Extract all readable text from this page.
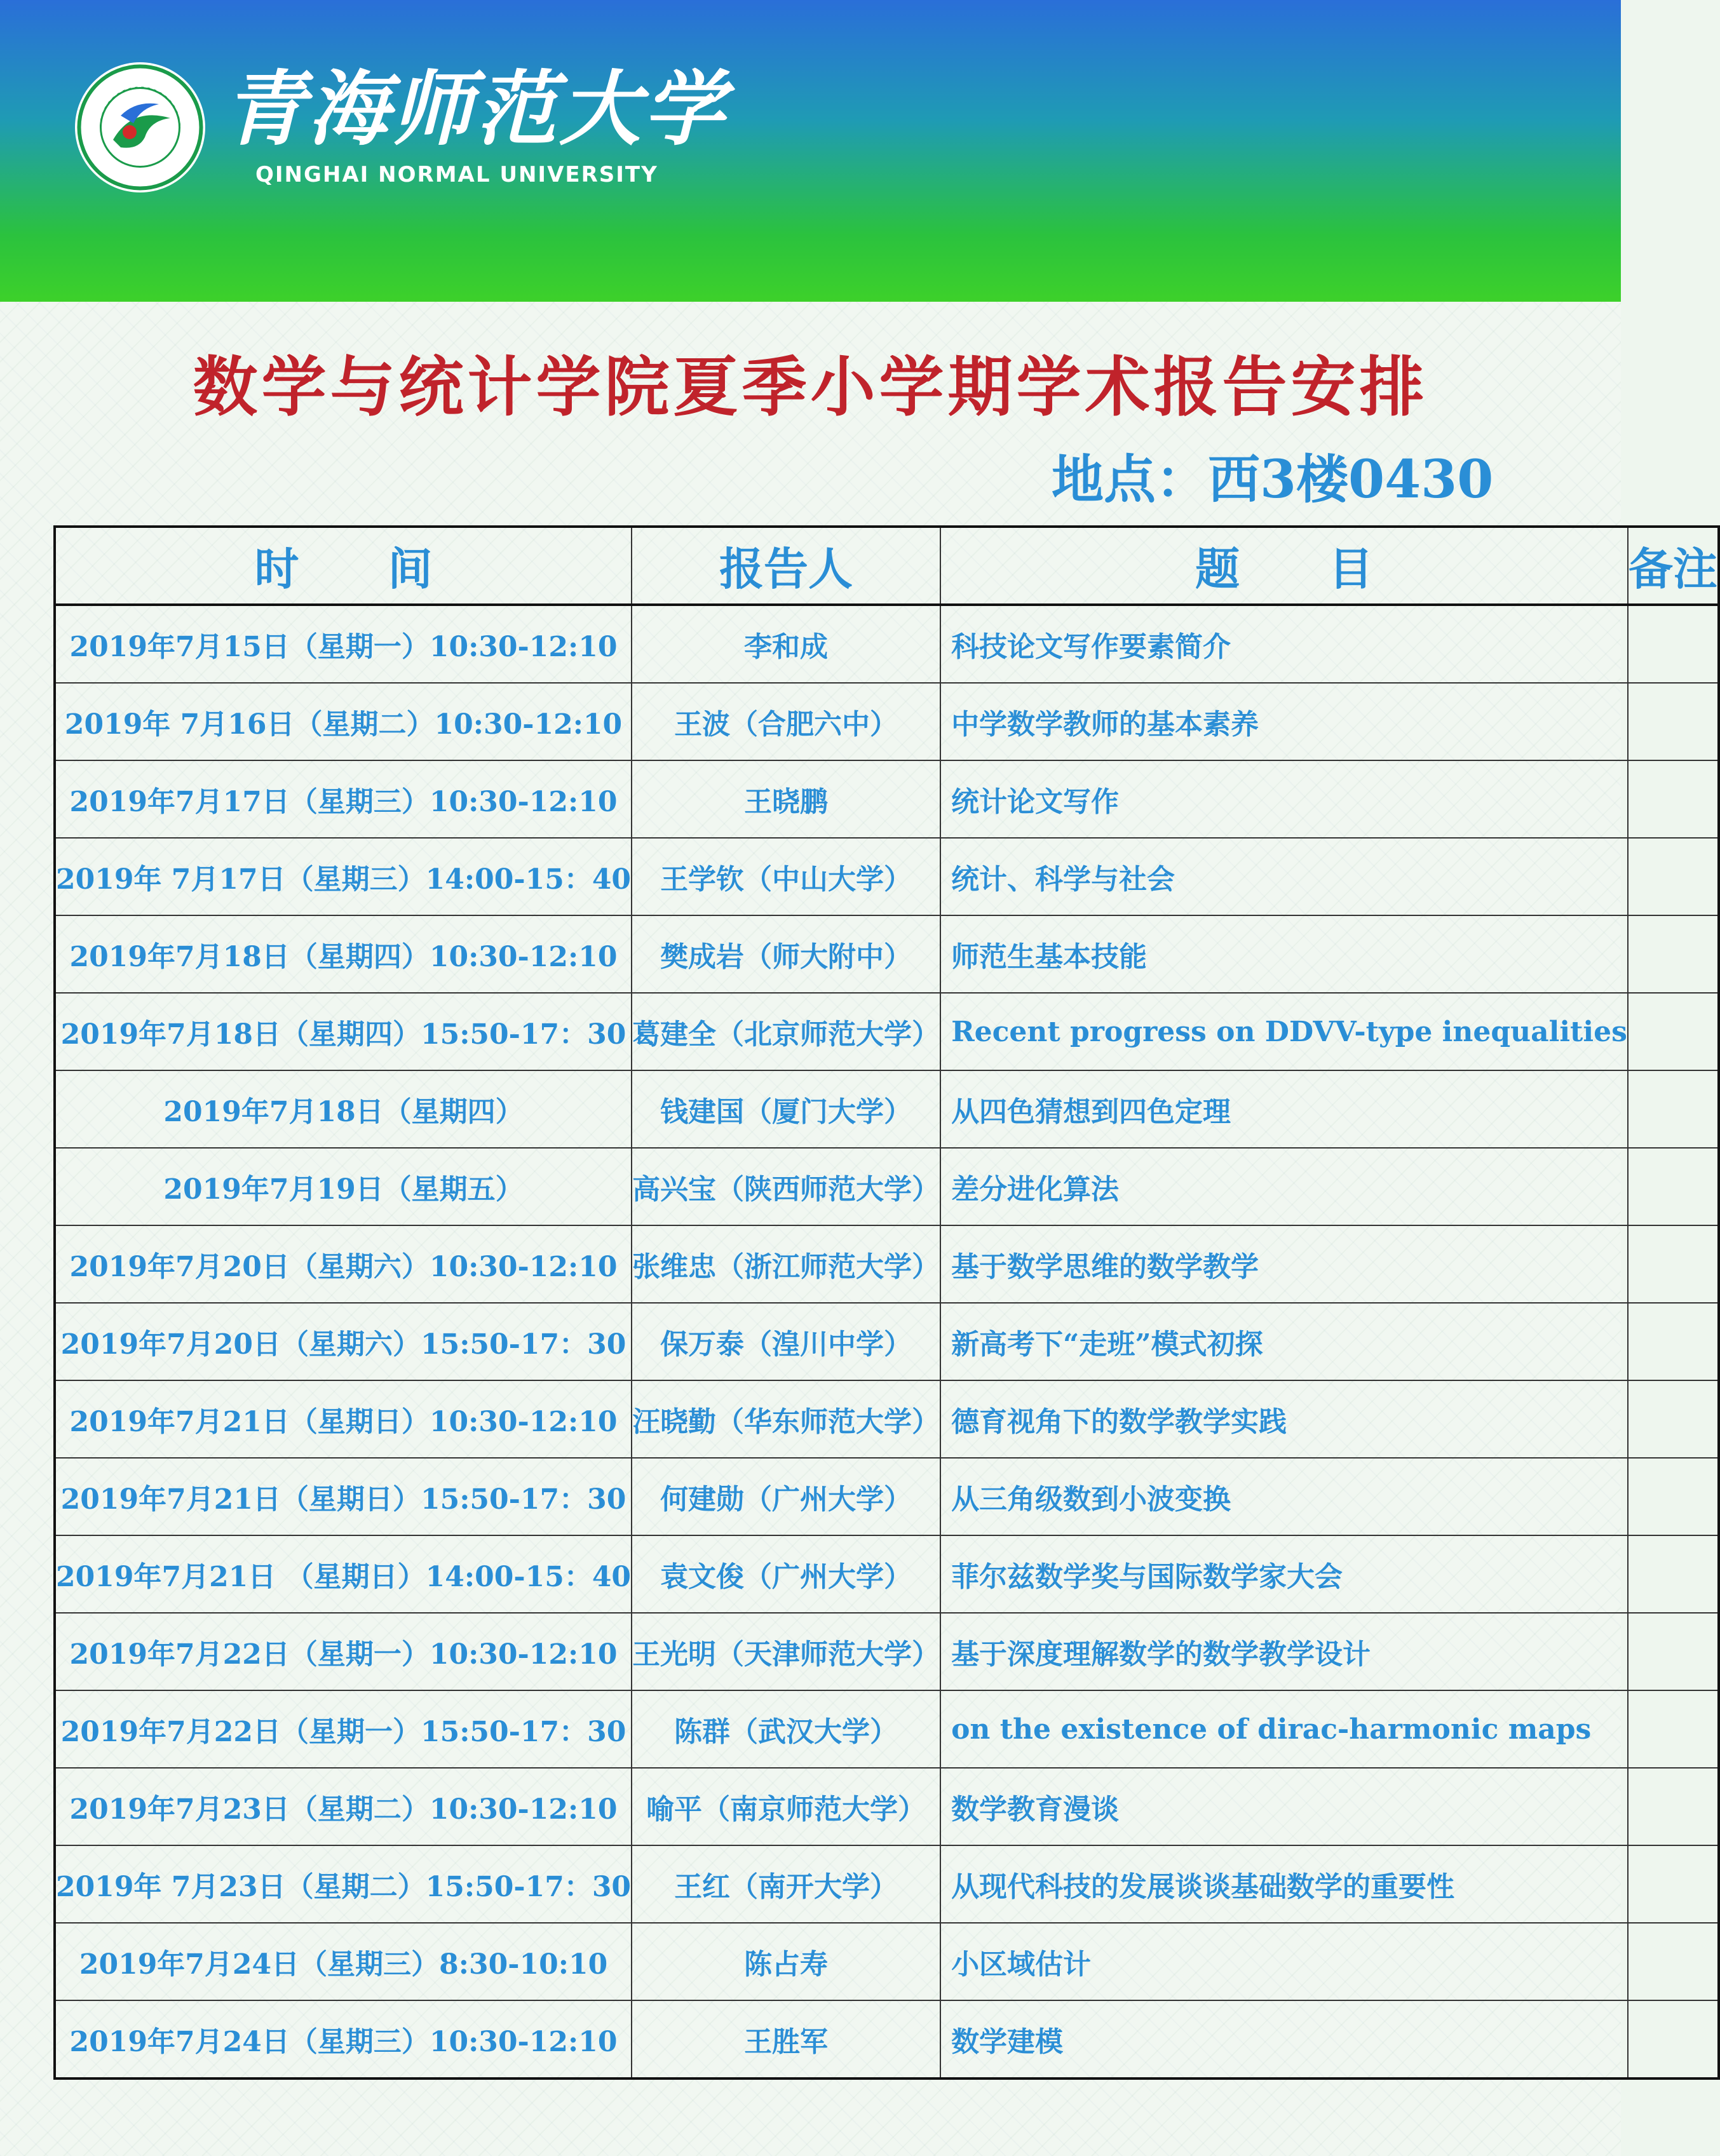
青海师范大学
QINGHAI NORMAL UNIVERSITY
数学与统计学院夏季小学期学术报告安排
地点：西3楼0430
时　　间	报告人	题　　目	备注
2019年7月15日（星期一）10:30-12:10	李和成	科技论文写作要素简介	
2019年 7月16日（星期二）10:30-12:10	王波（合肥六中）	中学数学教师的基本素养	
2019年7月17日（星期三）10:30-12:10	王晓鹏	统计论文写作	
2019年 7月17日（星期三）14:00-15：40	王学钦（中山大学）	统计、科学与社会	
2019年7月18日（星期四）10:30-12:10	樊成岩（师大附中）	师范生基本技能	
2019年7月18日（星期四）15:50-17：30	葛建全（北京师范大学）	Recent progress on DDVV-type inequalities	
2019年7月18日（星期四）	钱建国（厦门大学）	从四色猜想到四色定理	
2019年7月19日（星期五）	高兴宝（陕西师范大学）	差分进化算法	
2019年7月20日（星期六）10:30-12:10	张维忠（浙江师范大学）	基于数学思维的数学教学	
2019年7月20日（星期六）15:50-17：30	保万泰（湟川中学）	新高考下“走班”模式初探	
2019年7月21日（星期日）10:30-12:10	汪晓勤（华东师范大学）	德育视角下的数学教学实践	
2019年7月21日（星期日）15:50-17：30	何建勋（广州大学）	从三角级数到小波变换	
2019年7月21日 （星期日）14:00-15：40	袁文俊（广州大学）	菲尔兹数学奖与国际数学家大会	
2019年7月22日（星期一）10:30-12:10	王光明（天津师范大学）	基于深度理解数学的数学教学设计	
2019年7月22日（星期一）15:50-17：30	陈群（武汉大学）	on the existence of dirac-harmonic maps	
2019年7月23日（星期二）10:30-12:10	喻平（南京师范大学）	数学教育漫谈	
2019年 7月23日（星期二）15:50-17：30	王红（南开大学）	从现代科技的发展谈谈基础数学的重要性	
2019年7月24日（星期三）8:30-10:10	陈占寿	小区域估计	
2019年7月24日（星期三）10:30-12:10	王胜军	数学建模	
